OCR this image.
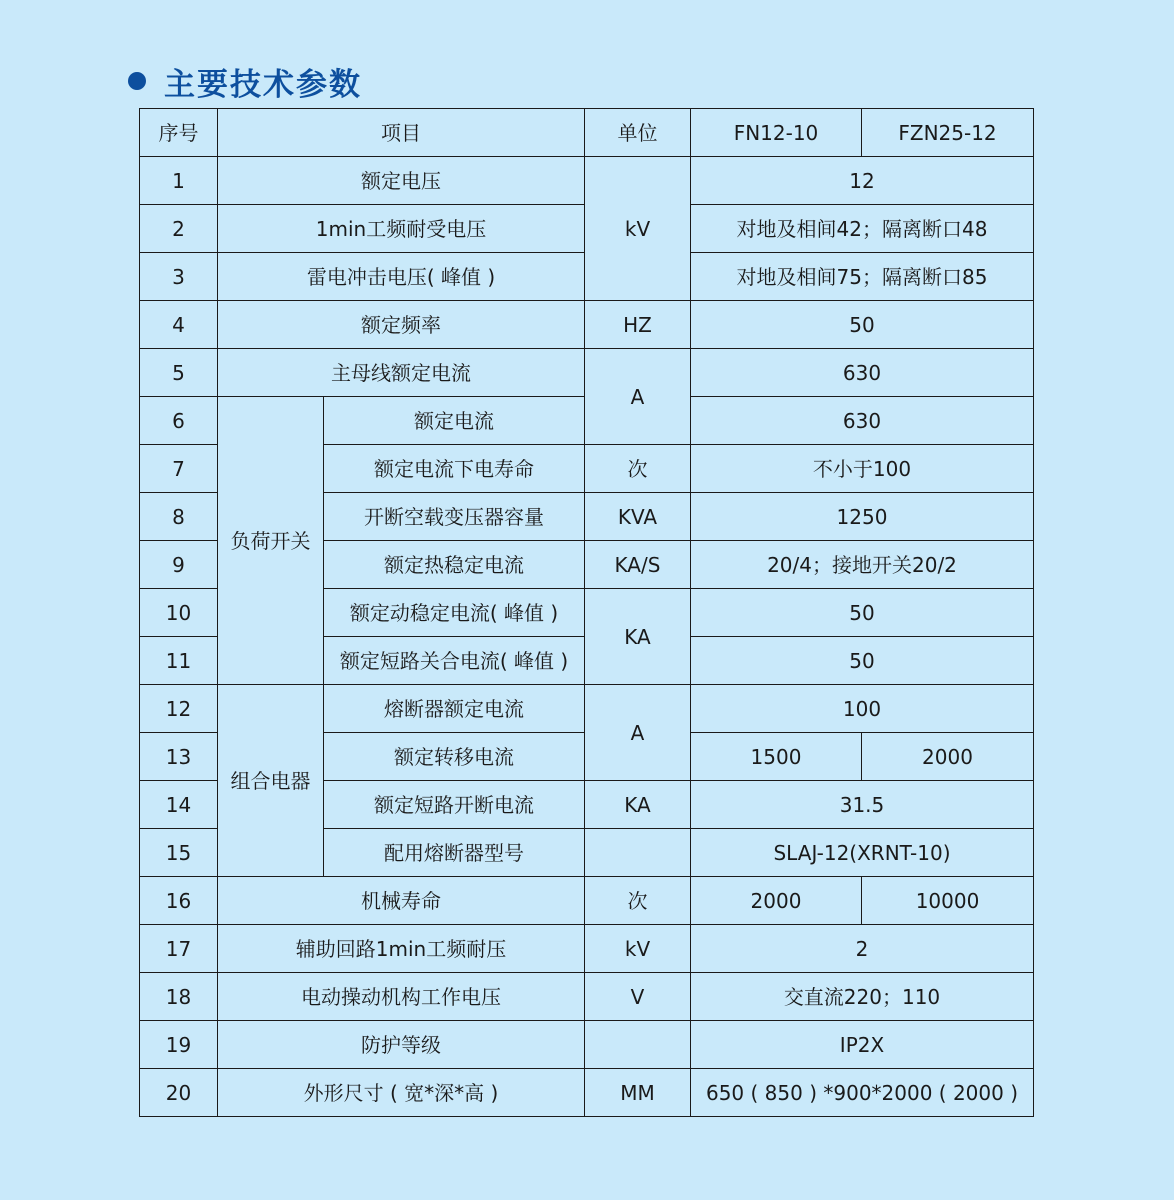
主要技术参数
序号	项目		单位	FN12-10	FZN25-12
1	额定电压		kV	12	
2	1min工频耐受电压			对地及相间42；隔离断口48	
3	雷电冲击电压( 峰值 )			对地及相间75；隔离断口85	
4	额定频率		HZ	50	
5	主母线额定电流		A	630	
6	负荷开关	额定电流		630	
7		额定电流下电寿命	次	不小于100	
8		开断空载变压器容量	KVA	1250	
9		额定热稳定电流	KA/S	20/4；接地开关20/2	
10		额定动稳定电流( 峰值 )	KA	50	
11		额定短路关合电流( 峰值 )		50	
12	组合电器	熔断器额定电流	A	100	
13		额定转移电流		1500	2000
14		额定短路开断电流	KA	31.5	
15		配用熔断器型号		SLAJ-12(XRNT-10)	
16	机械寿命		次	2000	10000
17	辅助回路1min工频耐压		kV	2	
18	电动操动机构工作电压		V	交直流220；110	
19	防护等级			IP2X	
20	外形尺寸 ( 宽*深*高 )		MM	650 ( 850 ) *900*2000 ( 2000 )	
